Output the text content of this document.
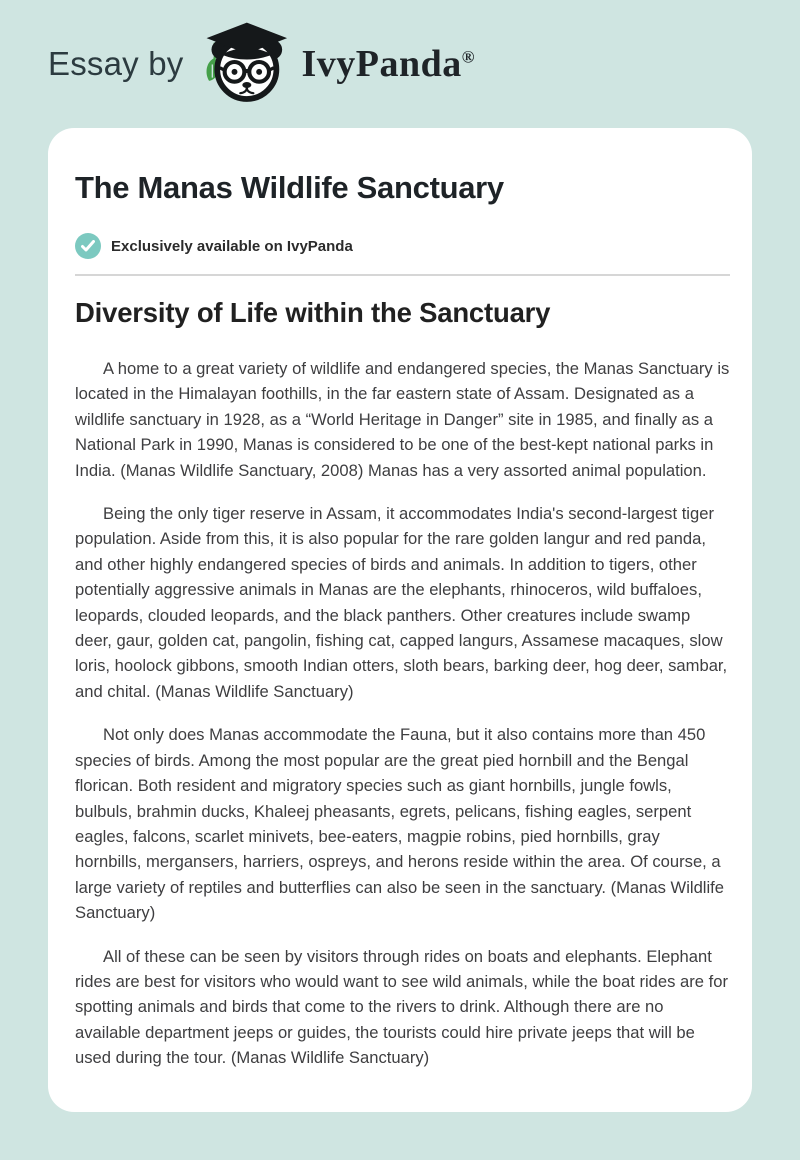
Essay by	IvyPanda®
The Manas Wildlife Sanctuary
Exclusively available on IvyPanda
Diversity of Life within the Sanctuary

A home to a great variety of wildlife and endangered species, the Manas Sanctuary is located in the Himalayan foothills, in the far eastern state of Assam. Designated as a wildlife sanctuary in 1928, as a “World Heritage in Danger” site in 1985, and finally as a National Park in 1990, Manas is considered to be one of the best-kept national parks in India. (Manas Wildlife Sanctuary, 2008) Manas has a very assorted animal population.

Being the only tiger reserve in Assam, it accommodates India's second-largest tiger population. Aside from this, it is also popular for the rare golden langur and red panda, and other highly endangered species of birds and animals. In addition to tigers, other potentially aggressive animals in Manas are the elephants, rhinoceros, wild buffaloes, leopards, clouded leopards, and the black panthers. Other creatures include swamp deer, gaur, golden cat, pangolin, fishing cat, capped langurs, Assamese macaques, slow loris, hoolock gibbons, smooth Indian otters, sloth bears, barking deer, hog deer, sambar, and chital. (Manas Wildlife Sanctuary)

Not only does Manas accommodate the Fauna, but it also contains more than 450 species of birds. Among the most popular are the great pied hornbill and the Bengal florican. Both resident and migratory species such as giant hornbills, jungle fowls, bulbuls, brahmin ducks, Khaleej pheasants, egrets, pelicans, fishing eagles, serpent eagles, falcons, scarlet minivets, bee-eaters, magpie robins, pied hornbills, gray hornbills, mergansers, harriers, ospreys, and herons reside within the area. Of course, a large variety of reptiles and butterflies can also be seen in the sanctuary. (Manas Wildlife Sanctuary)

All of these can be seen by visitors through rides on boats and elephants. Elephant rides are best for visitors who would want to see wild animals, while the boat rides are for spotting animals and birds that come to the rivers to drink. Although there are no available department jeeps or guides, the tourists could hire private jeeps that will be used during the tour. (Manas Wildlife Sanctuary)
